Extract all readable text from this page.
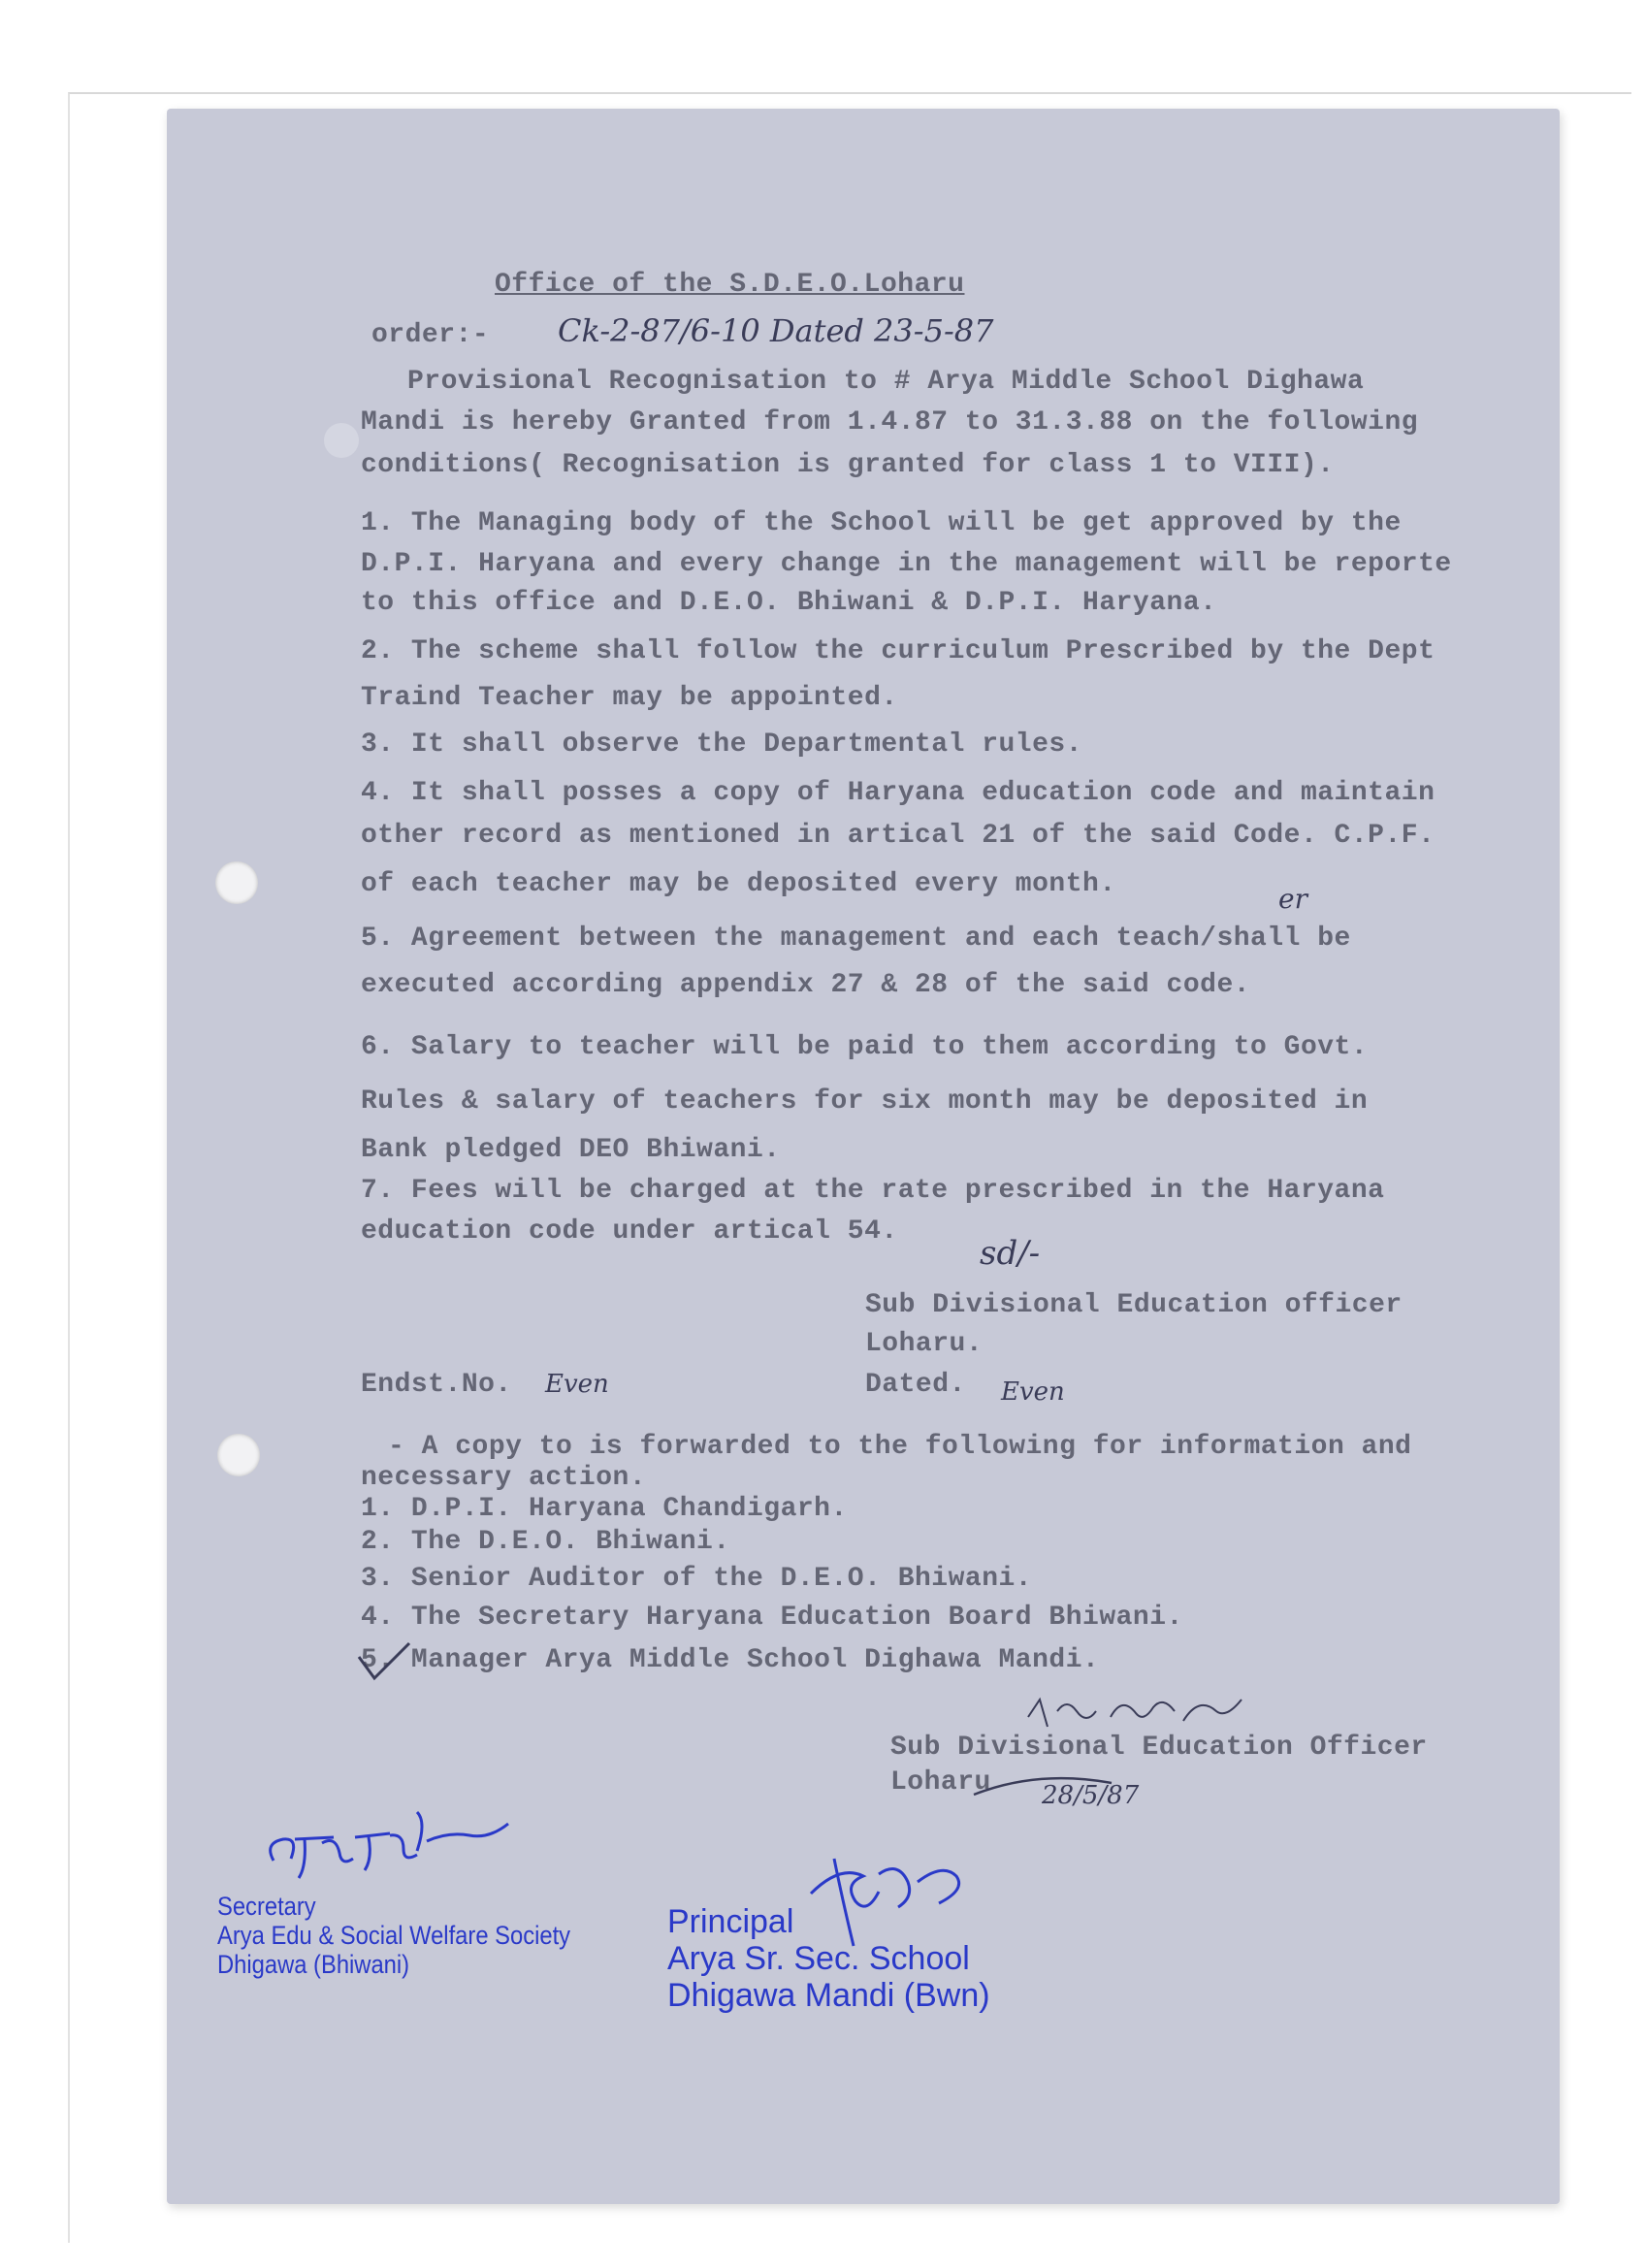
Office of the S.D.E.O.Loharu
order:- Ck-2-87/6-10 Dated 23-5-87
Provisional Recognisation to # Arya Middle School Dighawa
Mandi is hereby Granted from 1.4.87 to 31.3.88 on the following
conditions( Recognisation is granted for class 1 to VIII).
1. The Managing body of the School will be get approved by the
D.P.I. Haryana and every change in the management will be reporte
to this office and D.E.O. Bhiwani & D.P.I. Haryana.
2. The scheme shall follow the curriculum Prescribed by the Dept
Traind Teacher may be appointed.
3. It shall observe the Departmental rules.
4. It shall posses a copy of Haryana education code and maintain
other record as mentioned in artical 21 of the said Code. C.P.F.
of each teacher may be deposited every month.	er
5. Agreement between the management and each teach/shall be
executed according appendix 27 & 28 of the said code.
6. Salary to teacher will be paid to them according to Govt.
Rules & salary of teachers for six month may be deposited in
Bank pledged DEO Bhiwani.
7. Fees will be charged at the rate prescribed in the Haryana
education code under artical 54.
sd/-
Sub Divisional Education officer
Loharu.
Endst.No. Even	Dated. Even
- A copy to is forwarded to the following for information and
necessary action.
1. D.P.I. Haryana Chandigarh.
2. The D.E.O. Bhiwani.
3. Senior Auditor of the D.E.O. Bhiwani.
4. The Secretary Haryana Education Board Bhiwani.
5. Manager Arya Middle School Dighawa Mandi.
Sub Divisional Education Officer
Loharu 28/5/87
Secretary
Arya Edu & Social Welfare Society
Dhigawa (Bhiwani)
Principal
Arya Sr. Sec. School
Dhigawa Mandi (Bwn)
